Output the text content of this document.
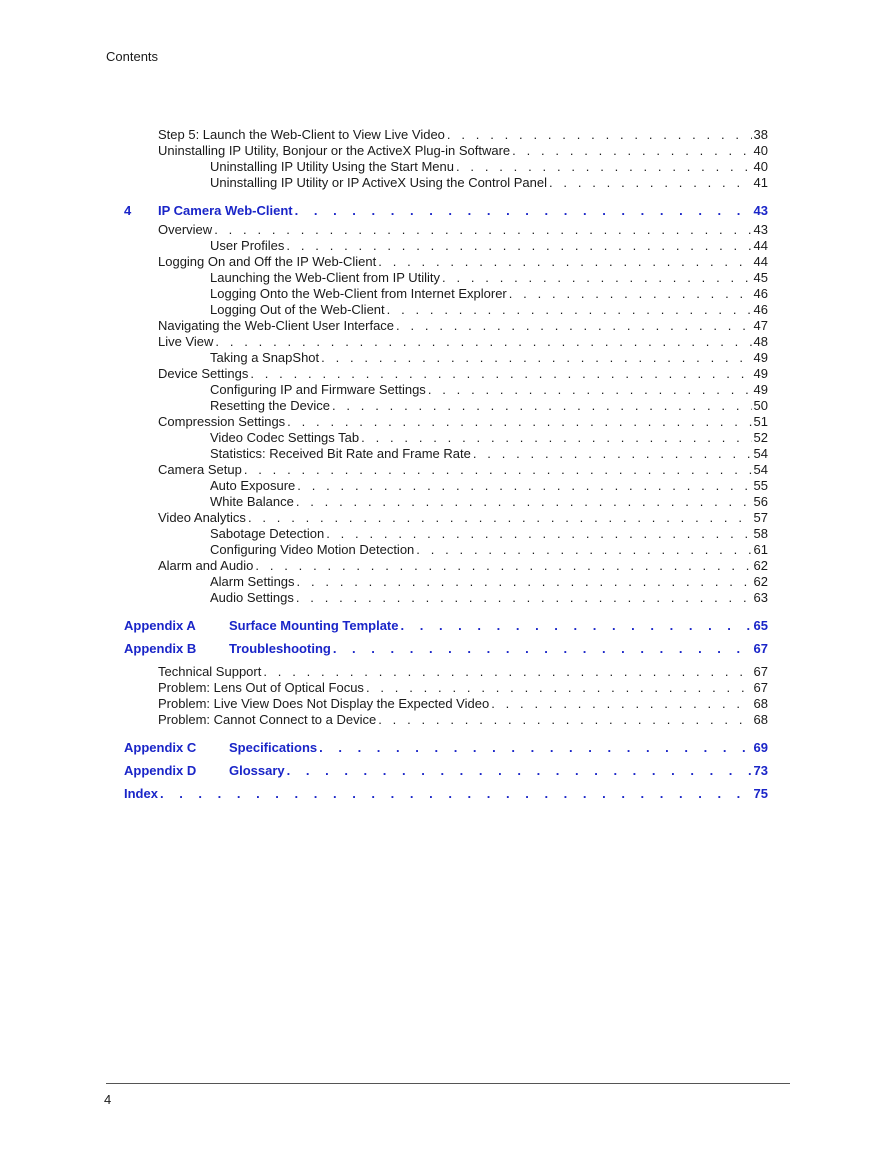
Contents
Step 5: Launch the Web-Client to View Live Video . . .	38
Uninstalling IP Utility, Bonjour or the ActiveX Plug-in Software . . .	40
Uninstalling IP Utility Using the Start Menu . . .	40
Uninstalling IP Utility or IP ActiveX Using the Control Panel . . .	41
4	IP Camera Web-Client . . .	43
Overview . . .	43
User Profiles . . .	44
Logging On and Off the IP Web-Client . . .	44
Launching the Web-Client from IP Utility . . .	45
Logging Onto the Web-Client from Internet Explorer . . .	46
Logging Out of the Web-Client . . .	46
Navigating the Web-Client User Interface . . .	47
Live View . . .	48
Taking a SnapShot . . .	49
Device Settings . . .	49
Configuring IP and Firmware Settings . . .	49
Resetting the Device . . .	50
Compression Settings . . .	51
Video Codec Settings Tab . . .	52
Statistics: Received Bit Rate and Frame Rate . . .	54
Camera Setup . . .	54
Auto Exposure . . .	55
White Balance . . .	56
Video Analytics . . .	57
Sabotage Detection . . .	58
Configuring Video Motion Detection . . .	61
Alarm and Audio . . .	62
Alarm Settings . . .	62
Audio Settings . . .	63
Appendix A	Surface Mounting Template . . .	65
Appendix B	Troubleshooting . . .	67
Technical Support . . .	67
Problem: Lens Out of Optical Focus . . .	67
Problem: Live View Does Not Display the Expected Video . . .	68
Problem: Cannot Connect to a Device . . .	68
Appendix C	Specifications . . .	69
Appendix D	Glossary . . .	73
Index . . .	75
4
